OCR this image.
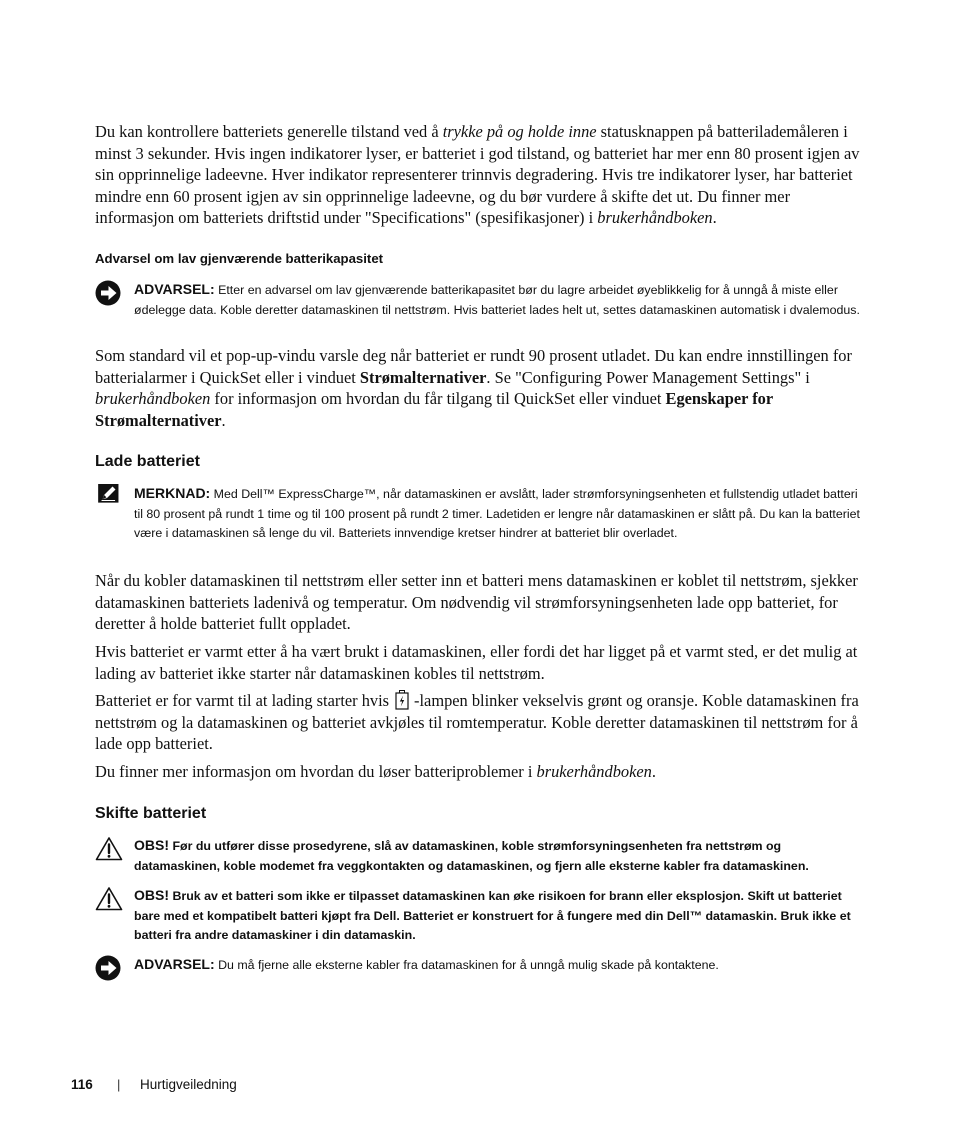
Du kan kontrollere batteriets generelle tilstand ved å trykke på og holde inne statusknappen på batterilademåleren i minst 3 sekunder. Hvis ingen indikatorer lyser, er batteriet i god tilstand, og batteriet har mer enn 80 prosent igjen av sin opprinnelige ladeevne. Hver indikator representerer trinnvis degradering. Hvis tre indikatorer lyser, har batteriet mindre enn 60 prosent igjen av sin opprinnelige ladeevne, og du bør vurdere å skifte det ut. Du finner mer informasjon om batteriets driftstid under "Specifications" (spesifikasjoner) i brukerhåndboken.

Advarsel om lav gjenværende batterikapasitet
ADVARSEL: Etter en advarsel om lav gjenværende batterikapasitet bør du lagre arbeidet øyeblikkelig for å unngå å miste eller ødelegge data. Koble deretter datamaskinen til nettstrøm. Hvis batteriet lades helt ut, settes datamaskinen automatisk i dvalemodus.

Som standard vil et pop-up-vindu varsle deg når batteriet er rundt 90 prosent utladet. Du kan endre innstillingen for batterialarmer i QuickSet eller i vinduet Strømalternativer. Se "Configuring Power Management Settings" i brukerhåndboken for informasjon om hvordan du får tilgang til QuickSet eller vinduet Egenskaper for Strømalternativer.

Lade batteriet
MERKNAD: Med Dell™ ExpressCharge™, når datamaskinen er avslått, lader strømforsyningsenheten et fullstendig utladet batteri til 80 prosent på rundt 1 time og til 100 prosent på rundt 2 timer. Ladetiden er lengre når datamaskinen er slått på. Du kan la batteriet være i datamaskinen så lenge du vil. Batteriets innvendige kretser hindrer at batteriet blir overladet.
Når du kobler datamaskinen til nettstrøm eller setter inn et batteri mens datamaskinen er koblet til nettstrøm, sjekker datamaskinen batteriets ladenivå og temperatur. Om nødvendig vil strømforsyningsenheten lade opp batteriet, for deretter å holde batteriet fullt oppladet.
Hvis batteriet er varmt etter å ha vært brukt i datamaskinen, eller fordi det har ligget på et varmt sted, er det mulig at lading av batteriet ikke starter når datamaskinen kobles til nettstrøm.

Batteriet er for varmt til at lading starter hvis -lampen blinker vekselvis grønt og oransje. Koble datamaskinen fra nettstrøm og la datamaskinen og batteriet avkjøles til romtemperatur. Koble deretter datamaskinen til nettstrøm for å lade opp batteriet.

Du finner mer informasjon om hvordan du løser batteriproblemer i brukerhåndboken.

Skifte batteriet
OBS! Før du utfører disse prosedyrene, slå av datamaskinen, koble strømforsyningsenheten fra nettstrøm og datamaskinen, koble modemet fra veggkontakten og datamaskinen, og fjern alle eksterne kabler fra datamaskinen.
OBS! Bruk av et batteri som ikke er tilpasset datamaskinen kan øke risikoen for brann eller eksplosjon. Skift ut batteriet bare med et kompatibelt batteri kjøpt fra Dell. Batteriet er konstruert for å fungere med din Dell™ datamaskin. Bruk ikke et batteri fra andre datamaskiner i din datamaskin.
ADVARSEL: Du må fjerne alle eksterne kabler fra datamaskinen for å unngå mulig skade på kontaktene.
116 | Hurtigveiledning
